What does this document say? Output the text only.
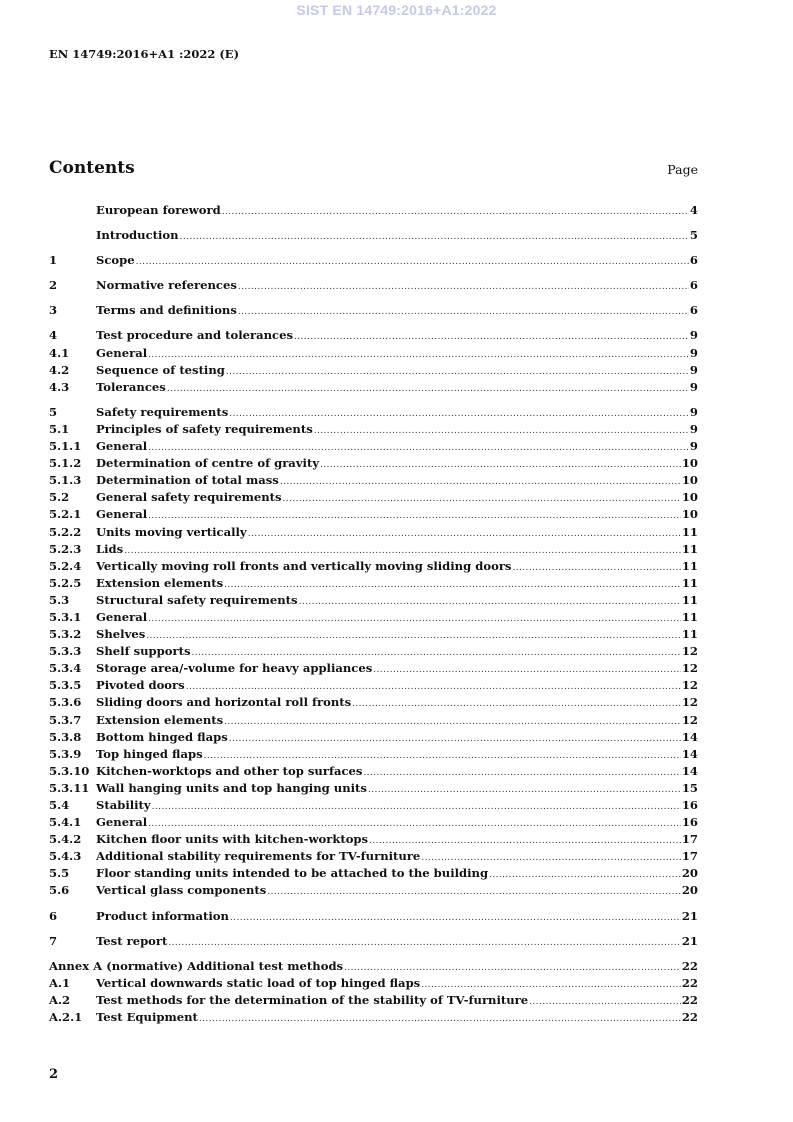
SIST EN 14749:2016+A1:2022
EN 14749:2016+A1 :2022 (E)
Contents	Page
European foreword .....	4
Introduction .....	5
1	Scope .....	6
2	Normative references .....	6
3	Terms and definitions .....	6
4	Test procedure and tolerances .....	9
4.1	General .....	9
4.2	Sequence of testing .....	9
4.3	Tolerances .....	9
5	Safety requirements .....	9
5.1	Principles of safety requirements .....	9
5.1.1	General .....	9
5.1.2	Determination of centre of gravity .....	10
5.1.3	Determination of total mass .....	10
5.2	General safety requirements .....	10
5.2.1	General .....	10
5.2.2	Units moving vertically .....	11
5.2.3	Lids .....	11
5.2.4	Vertically moving roll fronts and vertically moving sliding doors .....	11
5.2.5	Extension elements .....	11
5.3	Structural safety requirements .....	11
5.3.1	General .....	11
5.3.2	Shelves .....	11
5.3.3	Shelf supports .....	12
5.3.4	Storage area/-volume for heavy appliances .....	12
5.3.5	Pivoted doors .....	12
5.3.6	Sliding doors and horizontal roll fronts .....	12
5.3.7	Extension elements .....	12
5.3.8	Bottom hinged flaps .....	14
5.3.9	Top hinged flaps .....	14
5.3.10 Kitchen-worktops and other top surfaces .....	14
5.3.11 Wall hanging units and top hanging units .....	15
5.4	Stability .....	16
5.4.1	General .....	16
5.4.2	Kitchen floor units with kitchen-worktops .....	17
5.4.3	Additional stability requirements for TV-furniture .....	17
5.5	Floor standing units intended to be attached to the building .....	20
5.6	Vertical glass components .....	20
6	Product information .....	21
7	Test report .....	21
Annex A (normative) Additional test methods .....	22
A.1	Vertical downwards static load of top hinged flaps .....	22
A.2	Test methods for the determination of the stability of TV-furniture .....	22
A.2.1	Test Equipment .....	22
2
